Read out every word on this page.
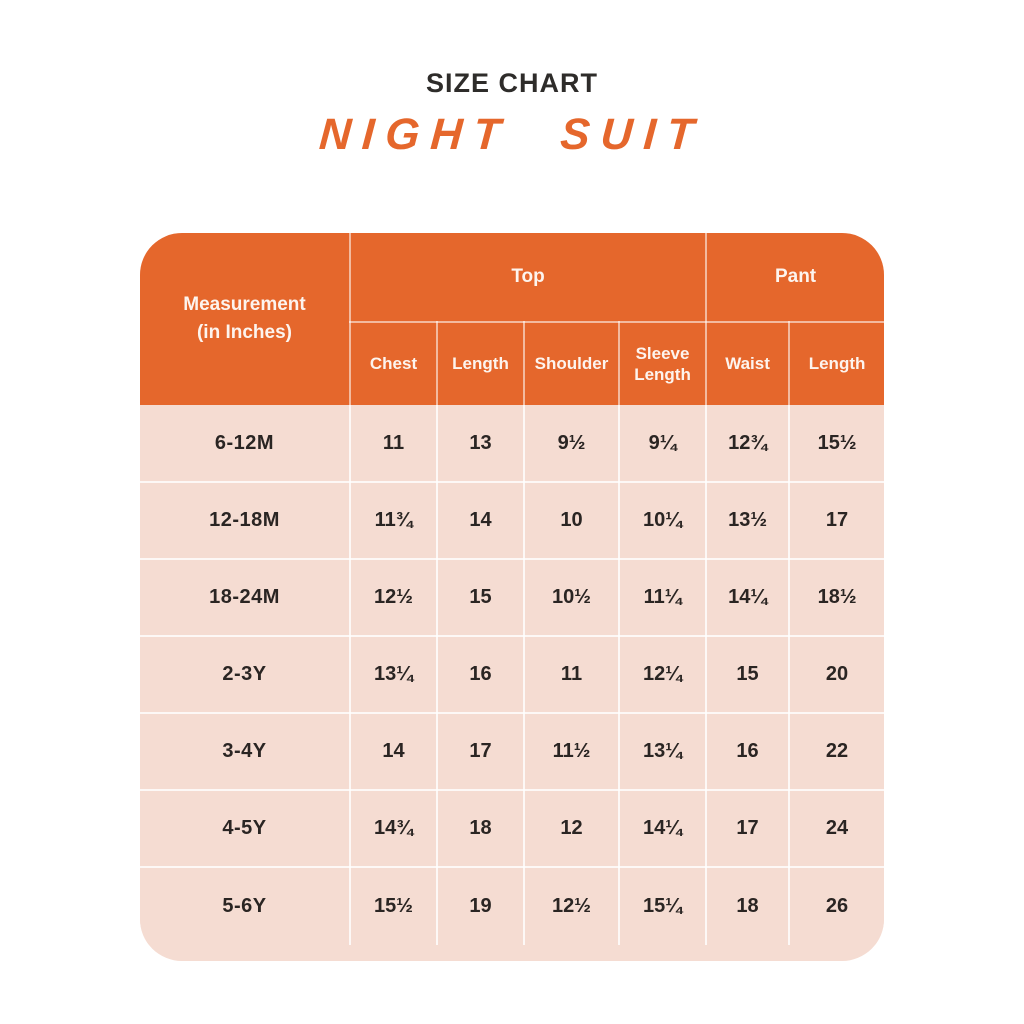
SIZE CHART
NIGHT SUIT
Measurement
(in Inches)	Top				Pant	
	Chest	Length	Shoulder	Sleeve Length	Waist	Length
6-12M	11	13	9½	9¼	12¾	15½
12-18M	11¾	14	10	10¼	13½	17
18-24M	12½	15	10½	11¼	14¼	18½
2-3Y	13¼	16	11	12¼	15	20
3-4Y	14	17	11½	13¼	16	22
4-5Y	14¾	18	12	14¼	17	24
5-6Y	15½	19	12½	15¼	18	26
